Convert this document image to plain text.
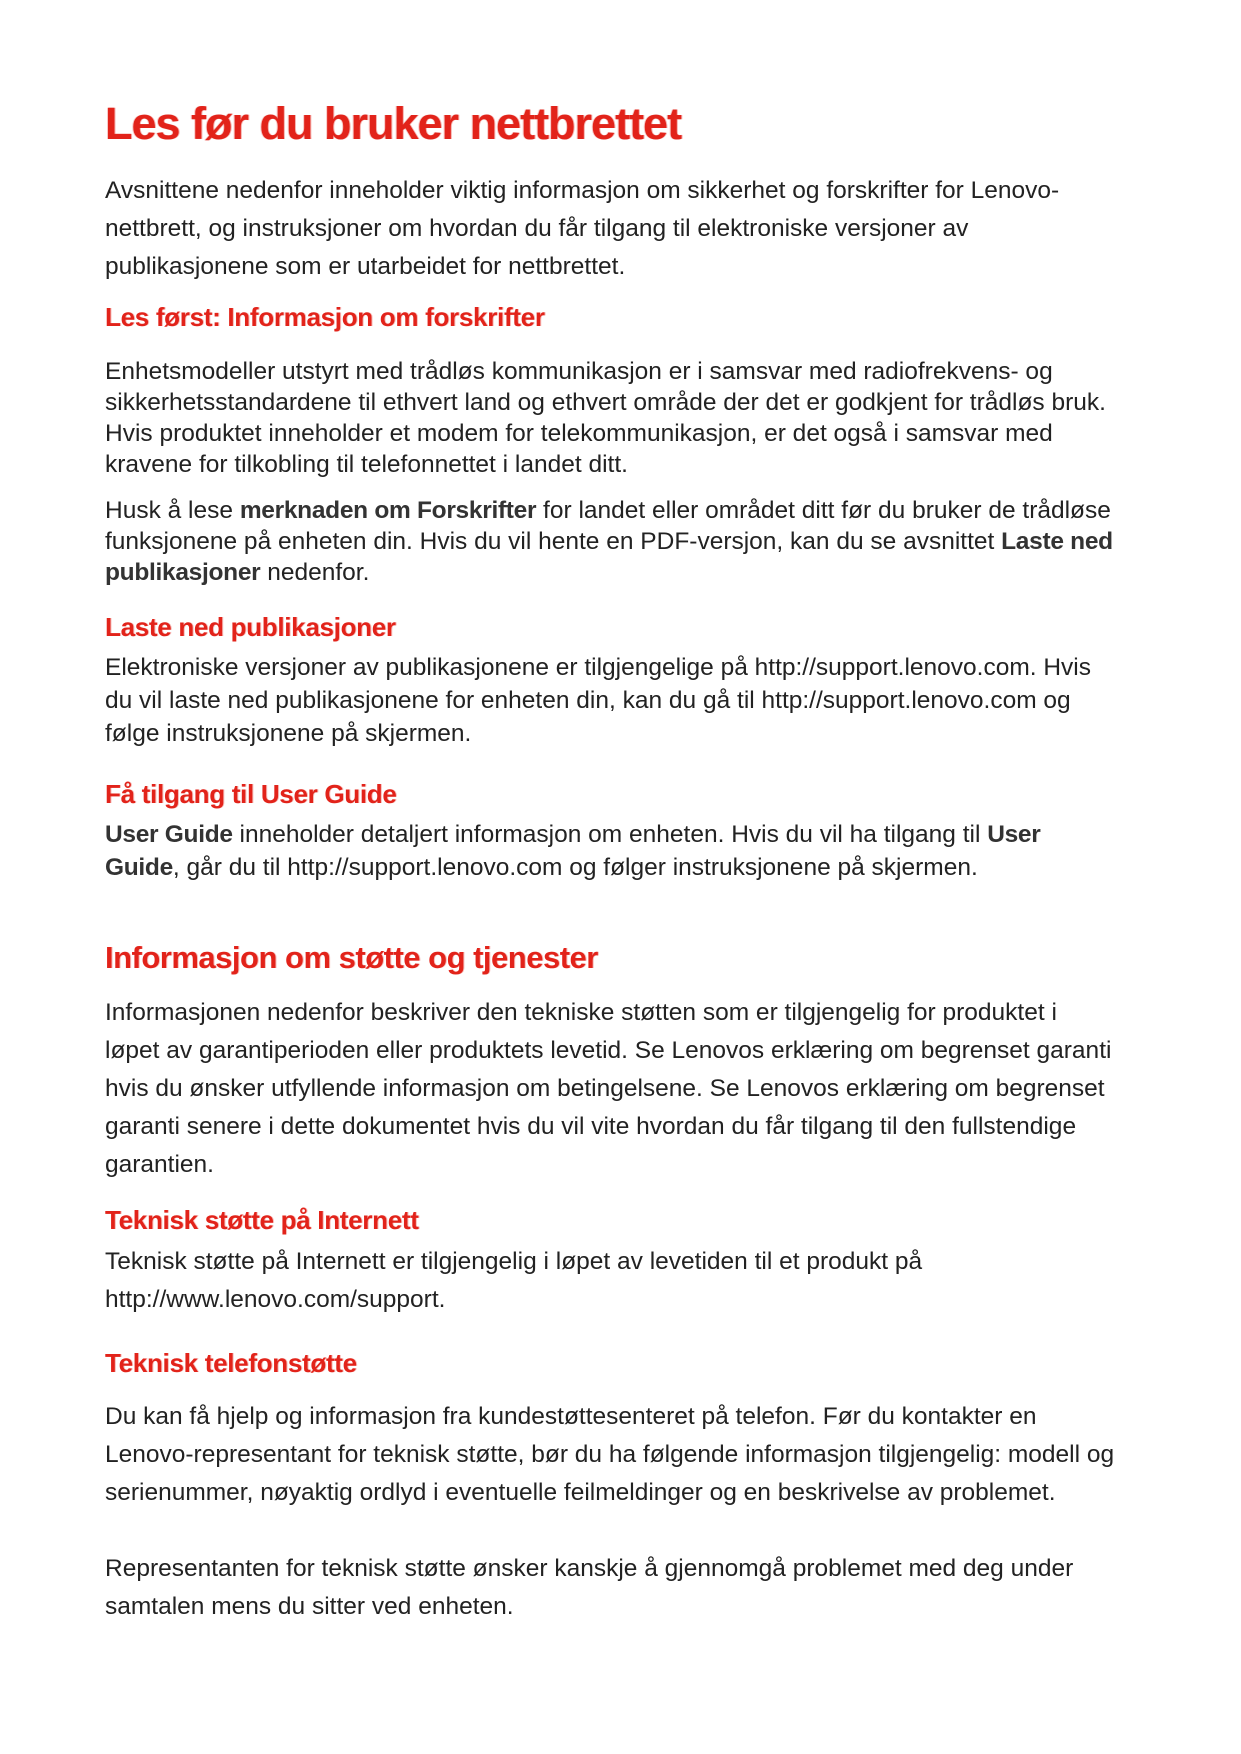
Les før du bruker nettbrettet

Avsnittene nedenfor inneholder viktig informasjon om sikkerhet og forskrifter for Lenovo-nettbrett, og instruksjoner om hvordan du får tilgang til elektroniske versjoner av publikasjonene som er utarbeidet for nettbrettet.

Les først: Informasjon om forskrifter

Enhetsmodeller utstyrt med trådløs kommunikasjon er i samsvar med radiofrekvens- og sikkerhetsstandardene til ethvert land og ethvert område der det er godkjent for trådløs bruk. Hvis produktet inneholder et modem for telekommunikasjon, er det også i samsvar med kravene for tilkobling til telefonnettet i landet ditt.

Husk å lese merknaden om Forskrifter for landet eller området ditt før du bruker de trådløse funksjonene på enheten din. Hvis du vil hente en PDF-versjon, kan du se avsnittet Laste ned publikasjoner nedenfor.

Laste ned publikasjoner

Elektroniske versjoner av publikasjonene er tilgjengelige på http://support.lenovo.com. Hvis du vil laste ned publikasjonene for enheten din, kan du gå til http://support.lenovo.com og følge instruksjonene på skjermen.

Få tilgang til User Guide

User Guide inneholder detaljert informasjon om enheten. Hvis du vil ha tilgang til User Guide, går du til http://support.lenovo.com og følger instruksjonene på skjermen.

Informasjon om støtte og tjenester

Informasjonen nedenfor beskriver den tekniske støtten som er tilgjengelig for produktet i løpet av garantiperioden eller produktets levetid. Se Lenovos erklæring om begrenset garanti hvis du ønsker utfyllende informasjon om betingelsene. Se Lenovos erklæring om begrenset garanti senere i dette dokumentet hvis du vil vite hvordan du får tilgang til den fullstendige garantien.

Teknisk støtte på Internett

Teknisk støtte på Internett er tilgjengelig i løpet av levetiden til et produkt på http://www.lenovo.com/support.

Teknisk telefonstøtte

Du kan få hjelp og informasjon fra kundestøttesenteret på telefon. Før du kontakter en Lenovo-representant for teknisk støtte, bør du ha følgende informasjon tilgjengelig: modell og serienummer, nøyaktig ordlyd i eventuelle feilmeldinger og en beskrivelse av problemet.

Representanten for teknisk støtte ønsker kanskje å gjennomgå problemet med deg under samtalen mens du sitter ved enheten.
